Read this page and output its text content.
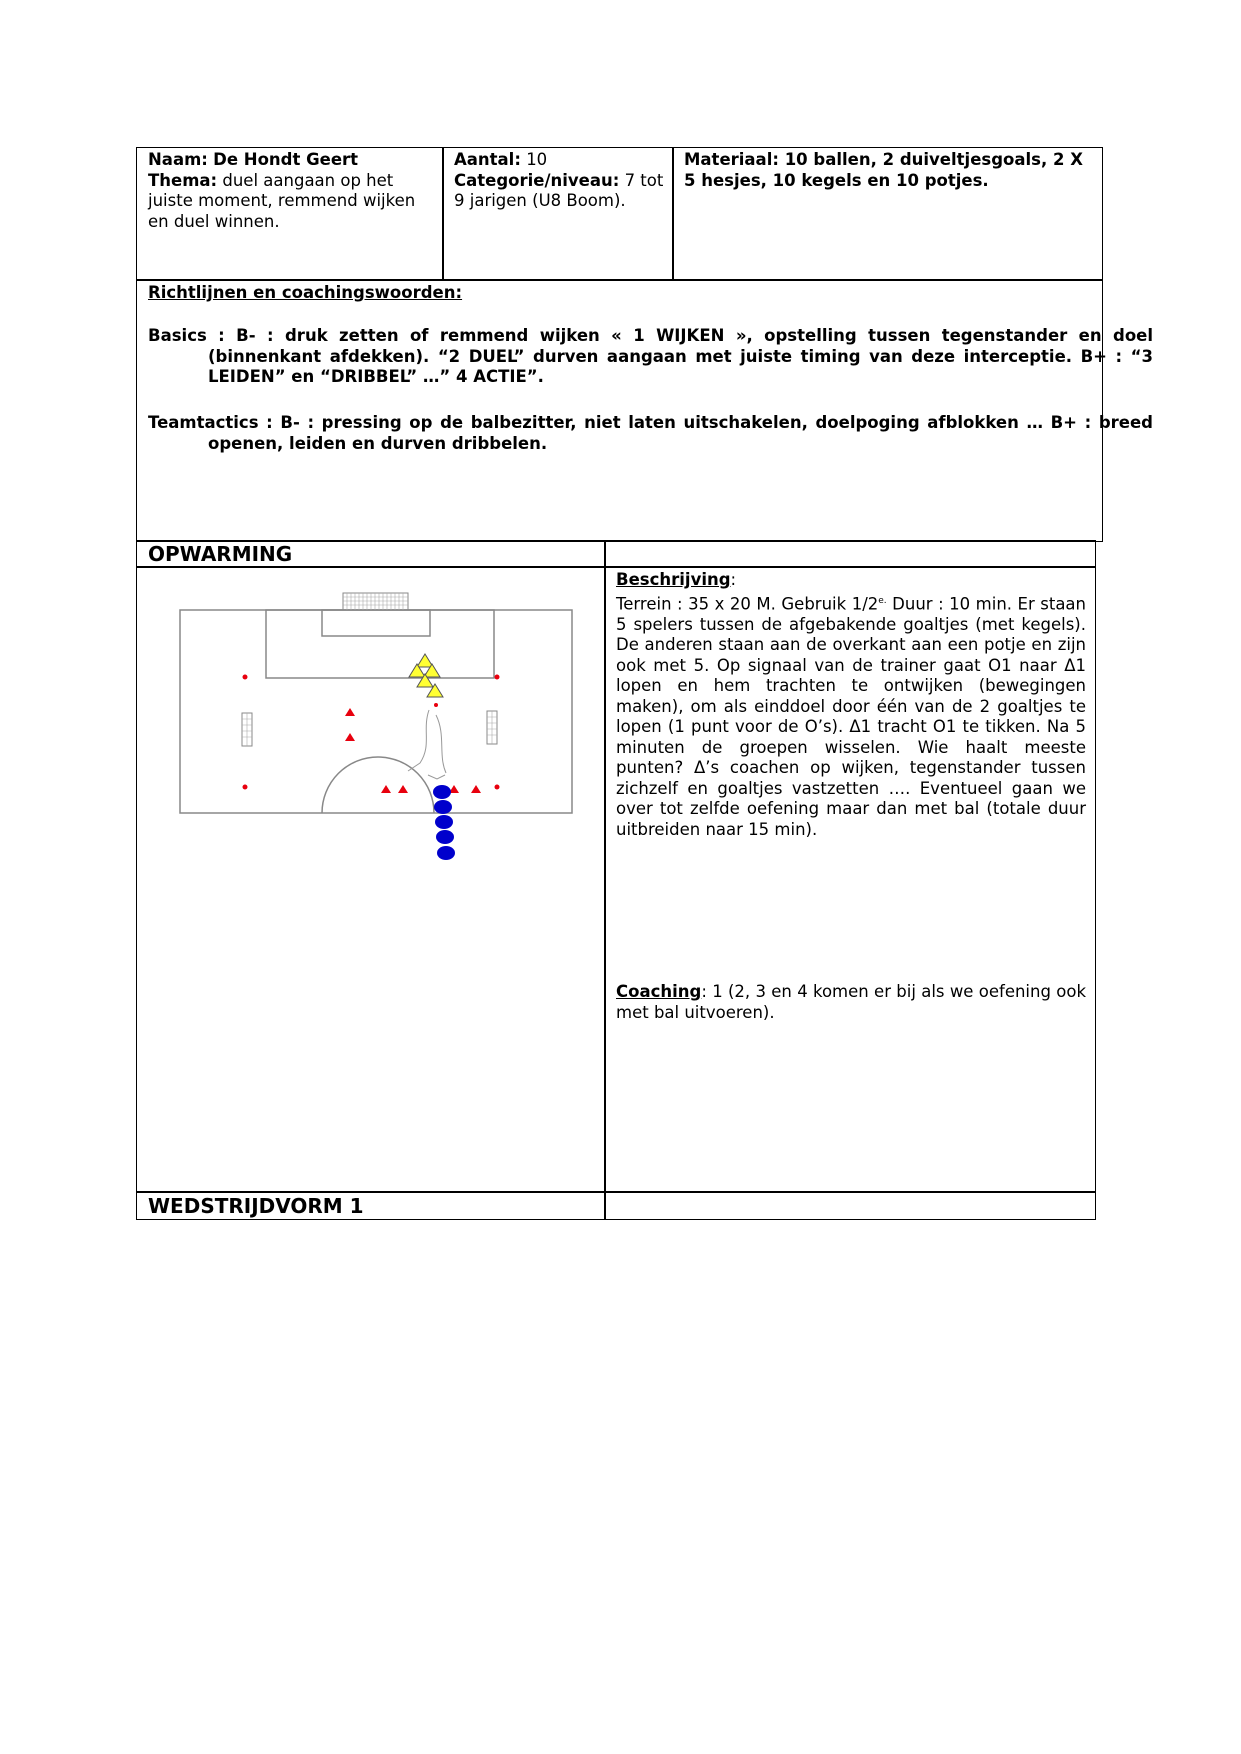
Naam: De Hondt Geert
Thema: duel aangaan op het juiste moment, remmend wijken en duel winnen.
Aantal: 10
Categorie/niveau: 7 tot 9 jarigen (U8 Boom).
Materiaal: 10 ballen, 2 duiveltjesgoals, 2 X 5 hesjes, 10 kegels en 10 potjes.
Richtlijnen en coachingswoorden:
Basics : B- : druk zetten of remmend wijken « 1 WIJKEN », opstelling tussen tegenstander en doel (binnenkant afdekken). “2 DUEL” durven aangaan met juiste timing van deze interceptie. B+ : “3 LEIDEN” en “DRIBBEL” …” 4 ACTIE”.
Teamtactics : B- : pressing op de balbezitter, niet laten uitschakelen, doelpoging afblokken … B+ : breed openen, leiden en durven dribbelen.
OPWARMING
WEDSTRIJDVORM 1
Beschrijving:
Terrein : 35 x 20 M. Gebruik $1/2^{e.}$ Duur : 10 min. Er staan 5 spelers tussen de afgebakende goaltjes (met kegels). De anderen staan aan de overkant aan een potje en zijn ook met 5. Op signaal van de trainer gaat O1 naar Δ1 lopen en hem trachten te ontwijken (bewegingen maken), om als einddoel door één van de 2 goaltjes te lopen (1 punt voor de O’s). Δ1 tracht O1 te tikken. Na 5 minuten de groepen wisselen. Wie haalt meeste punten? Δ’s coachen op wijken, tegenstander tussen zichzelf en goaltjes vastzetten …. Eventueel gaan we over tot zelfde oefening maar dan met bal (totale duur uitbreiden naar 15 min).
Coaching: 1 (2, 3 en 4 komen er bij als we oefening ook met bal uitvoeren).
